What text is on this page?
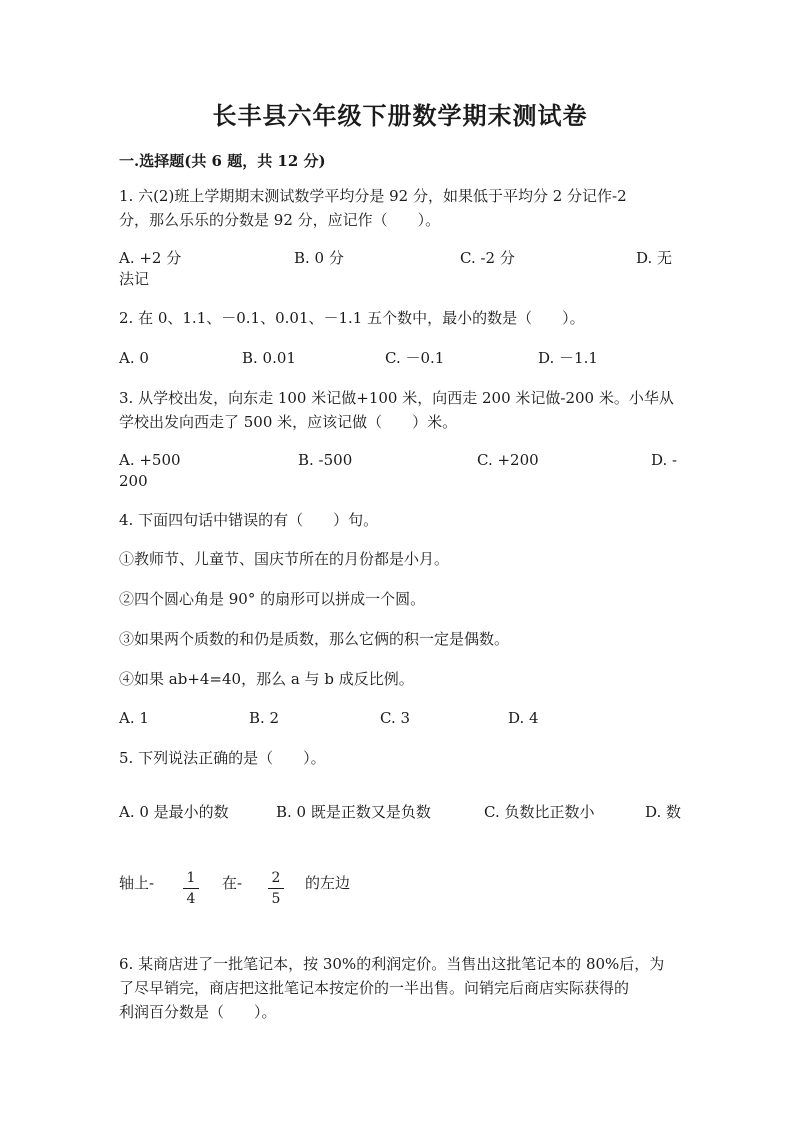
长丰县六年级下册数学期末测试卷
一.选择题(共 6 题，共 12 分)
1. 六(2)班上学期期末测试数学平均分是 92 分，如果低于平均分 2 分记作-2
分，那么乐乐的分数是 92 分，应记作（　　）。
A. +2 分	B. 0 分	C. -2 分	D. 无
法记
2. 在 0、1.1、－0.1、0.01、－1.1 五个数中，最小的数是（　　）。
A. 0	B. 0.01	C. －0.1	D. －1.1
3. 从学校出发，向东走 100 米记做+100 米，向西走 200 米记做-200 米。小华从
学校出发向西走了 500 米，应该记做（　　）米。
A. +500	B. -500	C. +200	D. -
200
4. 下面四句话中错误的有（　　）句。
①教师节、儿童节、国庆节所在的月份都是小月。
②四个圆心角是 90° 的扇形可以拼成一个圆。
③如果两个质数的和仍是质数，那么它俩的积一定是偶数。
④如果 ab+4=40，那么 a 与 b 成反比例。
A. 1	B. 2	C. 3	D. 4
5. 下列说法正确的是（　　）。
A. 0 是最小的数	B. 0 既是正数又是负数	C. 负数比正数小	D. 数
轴上- 1
4
在- 2
5
的左边
6. 某商店进了一批笔记本，按 30%的利润定价。当售出这批笔记本的 80%后，为
了尽早销完，商店把这批笔记本按定价的一半出售。问销完后商店实际获得的
利润百分数是（　　）。
